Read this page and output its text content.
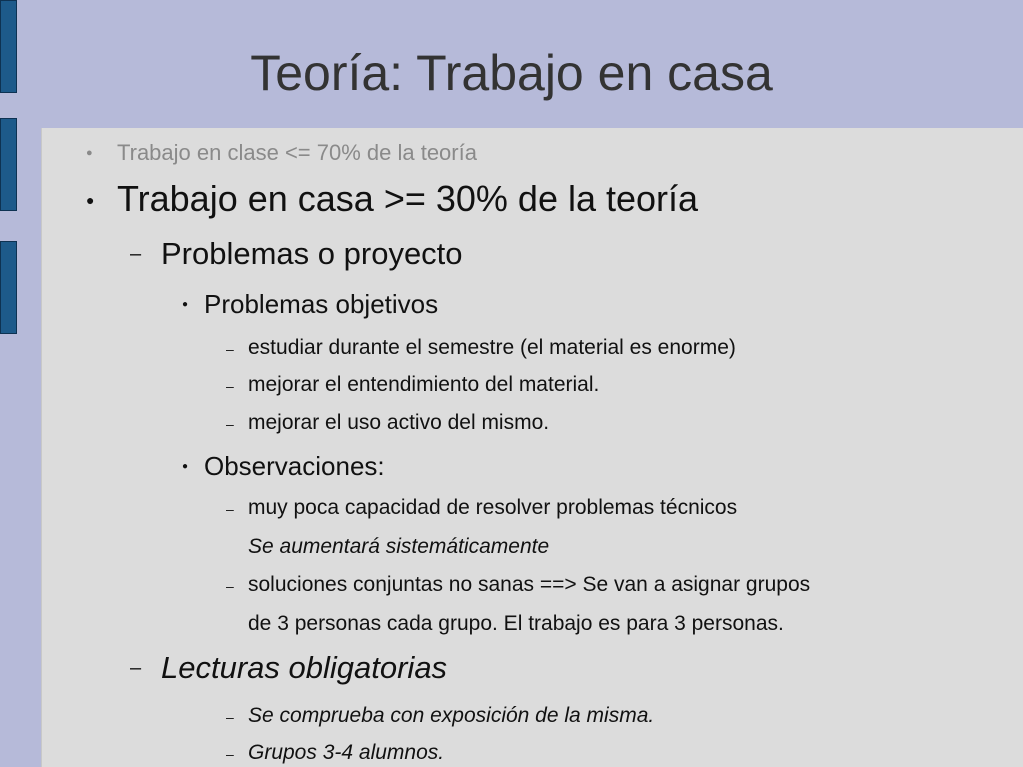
Teoría: Trabajo en casa
● Trabajo en clase <= 70% de la teoría
● Trabajo en casa >= 30% de la teoría
– Problemas o proyecto
● Problemas objetivos
– estudiar durante el semestre (el material es enorme)
– mejorar el entendimiento del material.
– mejorar el uso activo del mismo.
● Observaciones:
– muy poca capacidad de resolver problemas técnicos
Se aumentará sistemáticamente
– soluciones conjuntas no sanas ==> Se van a asignar grupos
de 3 personas cada grupo. El trabajo es para 3 personas.
– Lecturas obligatorias
– Se comprueba con exposición de la misma.
– Grupos 3-4 alumnos.
